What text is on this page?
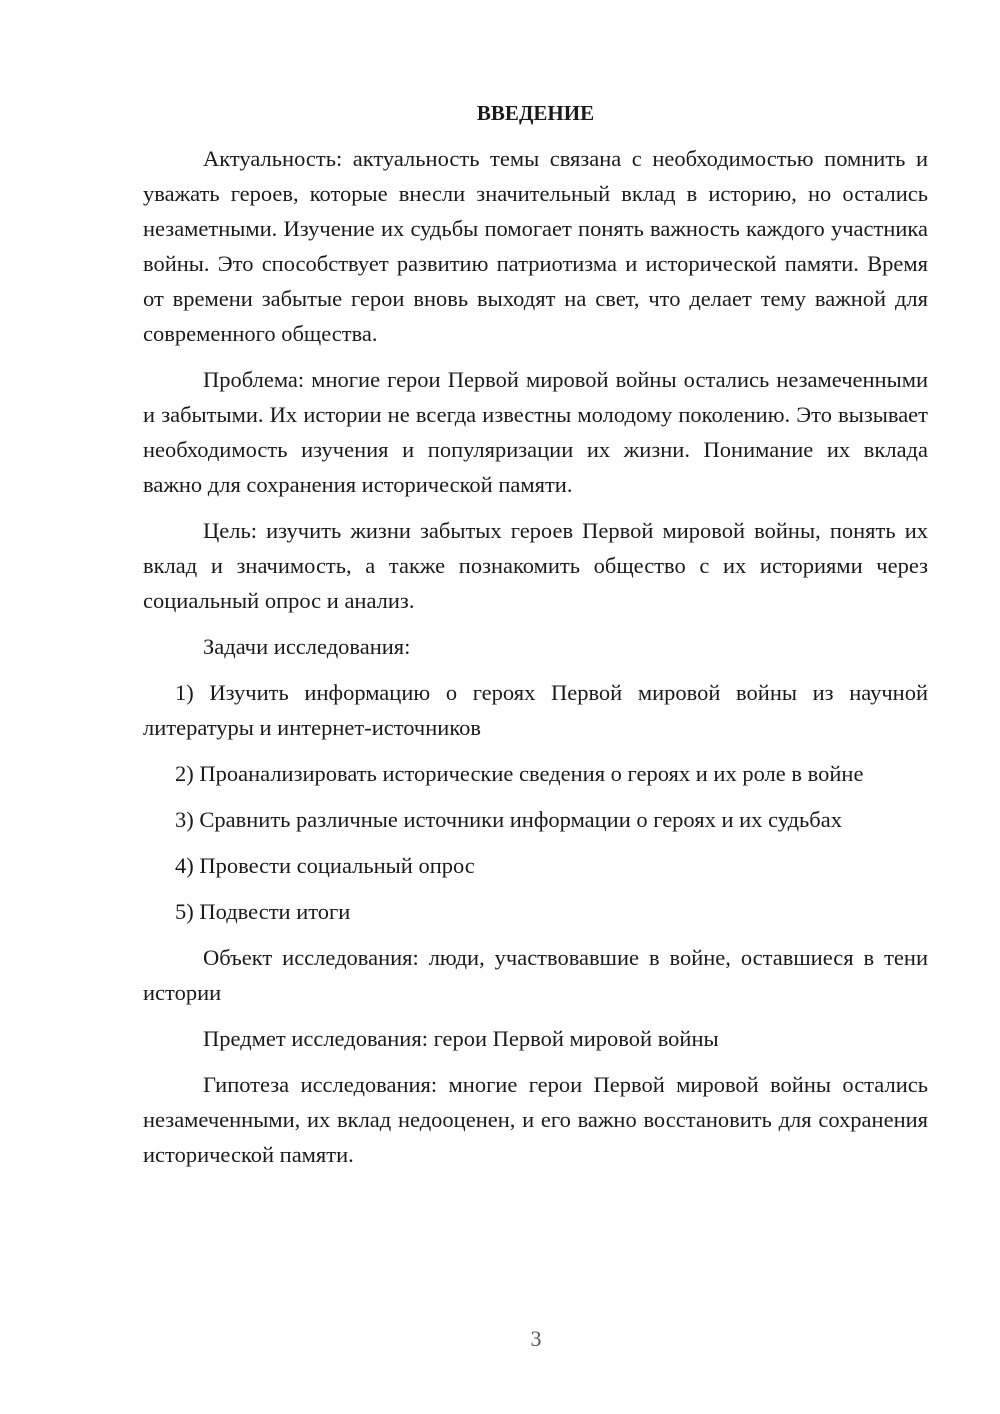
ВВЕДЕНИЕ

Актуальность: актуальность темы связана с необходимостью помнить и уважать героев, которые внесли значительный вклад в историю, но остались незаметными. Изучение их судьбы помогает понять важность каждого участника войны. Это способствует развитию патриотизма и исторической памяти. Время от времени забытые герои вновь выходят на свет, что делает тему важной для современного общества.

Проблема: многие герои Первой мировой войны остались незамеченными и забытыми. Их истории не всегда известны молодому поколению. Это вызывает необходимость изучения и популяризации их жизни. Понимание их вклада важно для сохранения исторической памяти.

Цель: изучить жизни забытых героев Первой мировой войны, понять их вклад и значимость, а также познакомить общество с их историями через социальный опрос и анализ.

Задачи исследования:

1) Изучить информацию о героях Первой мировой войны из научной литературы и интернет-источников

2) Проанализировать исторические сведения о героях и их роле в войне

3) Сравнить различные источники информации о героях и их судьбах

4) Провести социальный опрос

5) Подвести итоги

Объект исследования: люди, участвовавшие в войне, оставшиеся в тени истории

Предмет исследования: герои Первой мировой войны

Гипотеза исследования: многие герои Первой мировой войны остались незамеченными, их вклад недооценен, и его важно восстановить для сохранения исторической памяти.

3
